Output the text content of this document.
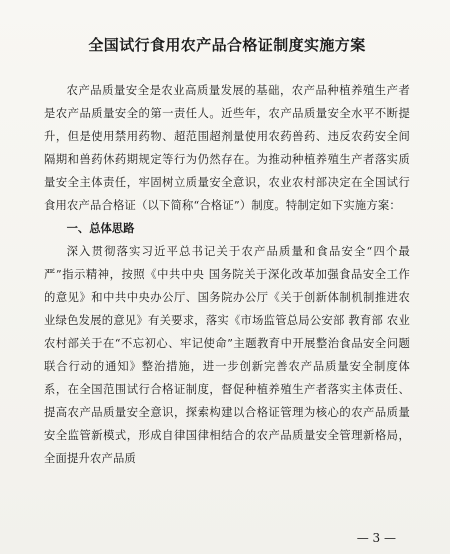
全国试行食用农产品合格证制度实施方案

农产品质量安全是农业高质量发展的基础，农产品种植养殖生产者是农产品质量安全的第一责任人。近些年，农产品质量安全水平不断提升，但是使用禁用药物、超范围超剂量使用农药兽药、违反农药安全间隔期和兽药休药期规定等行为仍然存在。为推动种植养殖生产者落实质量安全主体责任，牢固树立质量安全意识，农业农村部决定在全国试行食用农产品合格证（以下简称“合格证”）制度。特制定如下实施方案：

一、总体思路

深入贯彻落实习近平总书记关于农产品质量和食品安全“四个最严”指示精神，按照《中共中央 国务院关于深化改革加强食品安全工作的意见》和中共中央办公厅、国务院办公厅《关于创新体制机制推进农业绿色发展的意见》有关要求，落实《市场监管总局公安部 教育部 农业农村部关于在“不忘初心、牢记使命”主题教育中开展整治食品安全问题联合行动的通知》整治措施，进一步创新完善农产品质量安全制度体系，在全国范围试行合格证制度，督促种植养殖生产者落实主体责任、提高农产品质量安全意识，探索构建以合格证管理为核心的农产品质量安全监管新模式，形成自律国律相结合的农产品质量安全管理新格局，全面提升农产品质

— 3 —
